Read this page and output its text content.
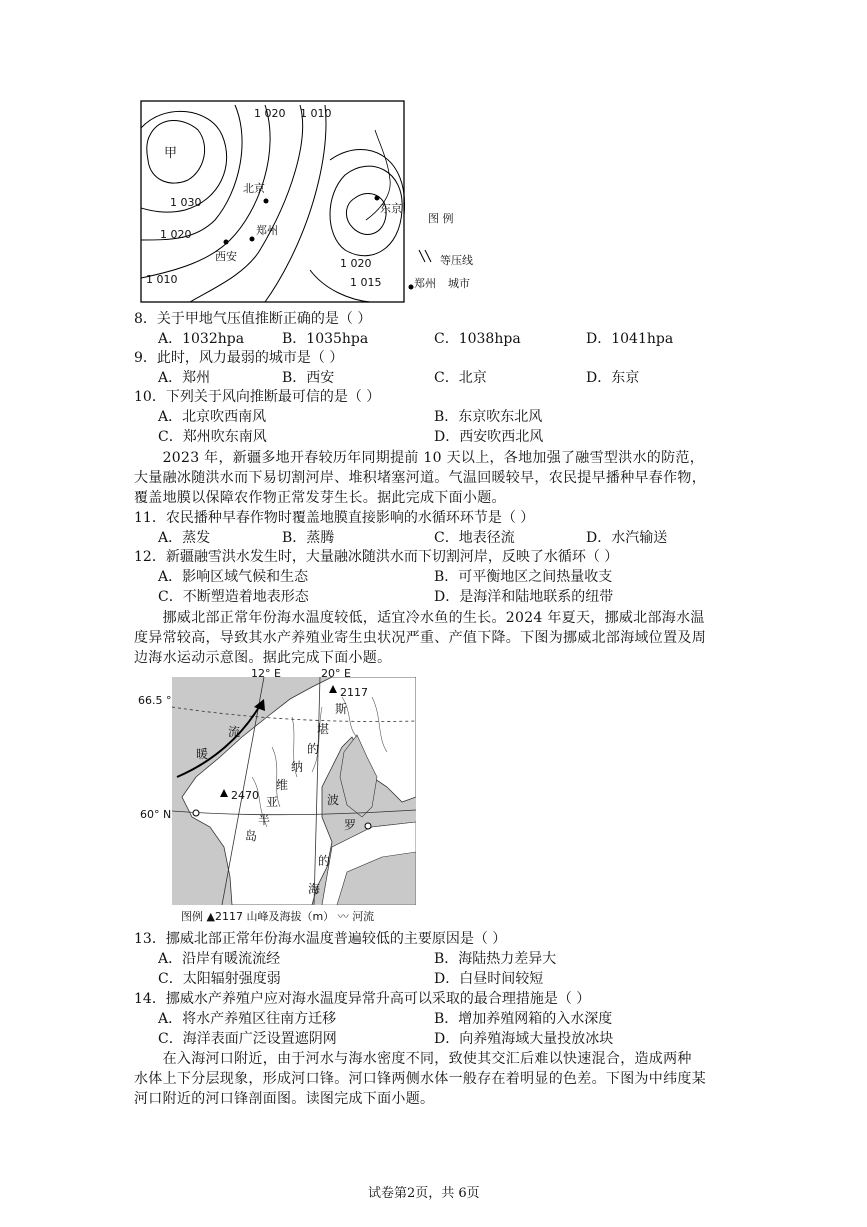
1 020 1 010
1 030
1 020
1 010
1 020
1 015
甲
北京
郑州
西安
东京
图 例
等压线
郑州 城市
8．关于甲地气压值推断正确的是（ ）
A．1032hpa	B．1035hpa	C．1038hpa	D．1041hpa
9．此时，风力最弱的城市是（ ）
A．郑州	B．西安	C．北京	D．东京
10．下列关于风向推断最可信的是（ ）
A．北京吹西南风	B．东京吹东北风
C．郑州吹东南风	D．西安吹西北风
　　2023 年，新疆多地开春较历年同期提前 10 天以上，各地加强了融雪型洪水的防范，
大量融冰随洪水而下易切割河岸、堆积堵塞河道。气温回暖较早，农民提早播种早春作物，
覆盖地膜以保障农作物正常发芽生长。据此完成下面小题。
11．农民播种早春作物时覆盖地膜直接影响的水循环环节是（ ）
A．蒸发	B．蒸腾	C．地表径流	D．水汽输送
12．新疆融雪洪水发生时，大量融冰随洪水而下切割河岸，反映了水循环（ ）
A．影响区域气候和生态	B．可平衡地区之间热量收支
C．不断塑造着地表形态	D．是海洋和陆地联系的纽带
　　挪威北部正常年份海水温度较低，适宜冷水鱼的生长。2024 年夏天，挪威北部海水温
度异常较高，导致其水产养殖业寄生虫状况严重、产值下降。下图为挪威北部海域位置及周
边海水运动示意图。据此完成下面小题。
12° E	20° E
66.5 °
60° N
2117
2470
流
暖
斯
堪
的
纳
维
亚
半
岛
波
罗
的
海
图例 ▲2117 山峰及海拔（m） 〰 河流
13．挪威北部正常年份海水温度普遍较低的主要原因是（ ）
A．沿岸有暖流流经	B．海陆热力差异大
C．太阳辐射强度弱	D．白昼时间较短
14．挪威水产养殖户应对海水温度异常升高可以采取的最合理措施是（ ）
A．将水产养殖区往南方迁移	B．增加养殖网箱的入水深度
C．海洋表面广泛设置遮阴网	D．向养殖海域大量投放冰块
　　在入海河口附近，由于河水与海水密度不同，致使其交汇后难以快速混合，造成两种
水体上下分层现象，形成河口锋。河口锋两侧水体一般存在着明显的色差。下图为中纬度某
河口附近的河口锋剖面图。读图完成下面小题。
试卷第2页，共 6页
